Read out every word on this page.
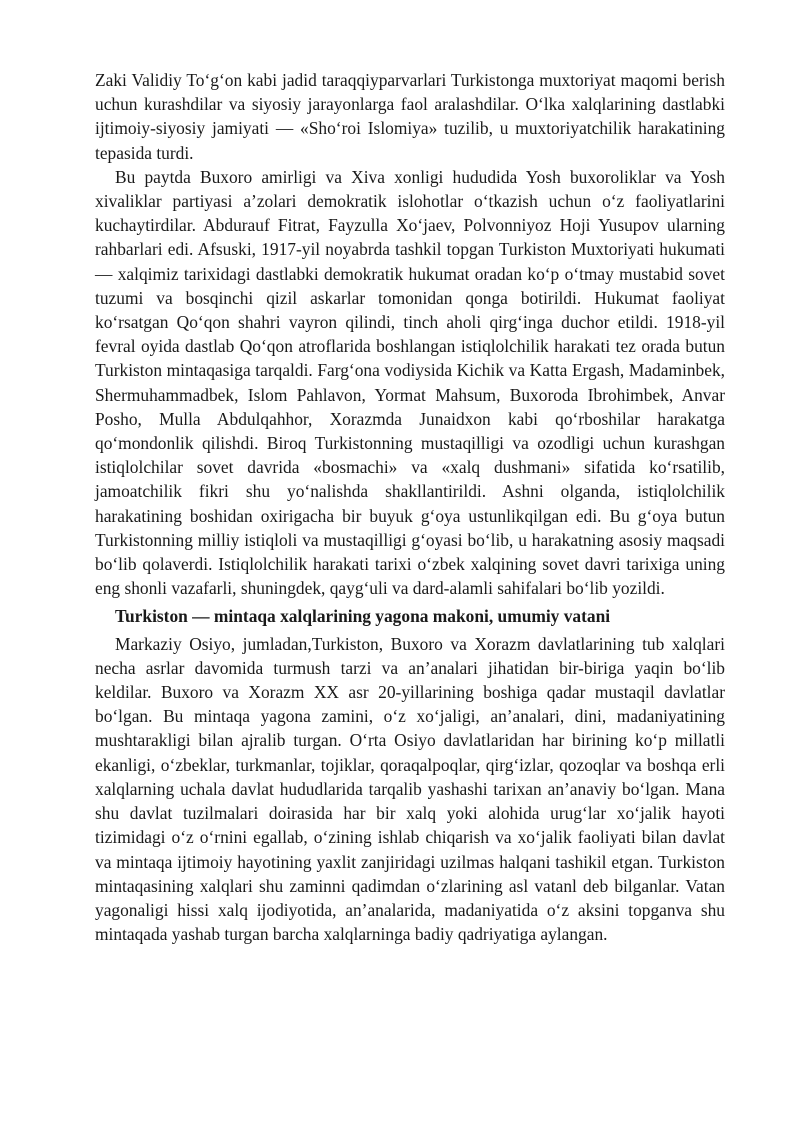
Zaki Validiy To‘g‘on kabi jadid taraqqiyparvarlari Turkistonga muxtoriyat maqomi berish uchun kurashdilar va siyosiy jarayonlarga faol aralashdilar. O‘lka xalqlarining dastlabki ijtimoiy-siyosiy jamiyati — «Sho‘roi Islomiya» tuzilib, u muxtoriyatchilik harakatining tepasida turdi.

Bu paytda Buxoro amirligi va Xiva xonligi hududida Yosh buxoroliklar va Yosh xivaliklar partiyasi a’zolari demokratik islohotlar o‘tkazish uchun o‘z faoliyatlarini kuchaytirdilar. Abdurauf Fitrat, Fayzulla Xo‘jaev, Polvonniyoz Hoji Yusupov ularning rahbarlari edi. Afsuski, 1917-yil noyabrda tashkil topgan Turkiston Muxtoriyati hukumati — xalqimiz tarixidagi dastlabki demokratik hukumat oradan ko‘p o‘tmay mustabid sovet tuzumi va bosqinchi qizil askarlar tomonidan qonga botirildi. Hukumat faoliyat ko‘rsatgan Qo‘qon shahri vayron qilindi, tinch aholi qirg‘inga duchor etildi. 1918-yil fevral oyida dastlab Qo‘qon atroflarida boshlangan istiqlolchilik harakati tez orada butun Turkiston mintaqasiga tarqaldi. Farg‘ona vodiysida Kichik va Katta Ergash, Madaminbek, Shermuhammadbek, Islom Pahlavon, Yormat Mahsum, Buxoroda Ibrohimbek, Anvar Posho, Mulla Abdulqahhor, Xorazmda Junaidxon kabi qo‘rboshilar harakatga qo‘mondonlik qilishdi. Biroq Turkistonning mustaqilligi va ozodligi uchun kurashgan istiqlolchilar sovet davrida «bosmachi» va «xalq dushmani» sifatida ko‘rsatilib, jamoatchilik fikri shu yo‘nalishda shakllantirildi. Ashni olganda, istiqlolchilik harakatining boshidan oxirigacha bir buyuk g‘oya ustunlikqilgan edi. Bu g‘oya butun Turkistonning milliy istiqloli va mustaqilligi g‘oyasi bo‘lib, u harakatning asosiy maqsadi bo‘lib qolaverdi. Istiqlolchilik harakati tarixi o‘zbek xalqining sovet davri tarixiga uning eng shonli vazafarli, shuningdek, qayg‘uli va dard-alamli sahifalari bo‘lib yozildi.

Turkiston — mintaqa xalqlarining yagona makoni, umumiy vatani

Markaziy Osiyo, jumladan,Turkiston, Buxoro va Xorazm davlatlarining tub xalqlari necha asrlar davomida turmush tarzi va an’analari jihatidan bir-biriga yaqin bo‘lib keldilar. Buxoro va Xorazm XX asr 20-yillarining boshiga qadar mustaqil davlatlar bo‘lgan. Bu mintaqa yagona zamini, o‘z xo‘jaligi, an’analari, dini, madaniyatining mushtarakligi bilan ajralib turgan. O‘rta Osiyo davlatlaridan har birining ko‘p millatli ekanligi, o‘zbeklar, turkmanlar, tojiklar, qoraqalpoqlar, qirg‘izlar, qozoqlar va boshqa erli xalqlarning uchala davlat hududlarida tarqalib yashashi tarixan an’anaviy bo‘lgan. Mana shu davlat tuzilmalari doirasida har bir xalq yoki alohida urug‘lar xo‘jalik hayoti tizimidagi o‘z o‘rnini egallab, o‘zining ishlab chiqarish va xo‘jalik faoliyati bilan davlat va mintaqa ijtimoiy hayotining yaxlit zanjiridagi uzilmas halqani tashikil etgan. Turkiston mintaqasining xalqlari shu zaminni qadimdan o‘zlarining asl vatanl deb bilganlar. Vatan yagonaligi hissi xalq ijodiyotida, an’analarida, madaniyatida o‘z aksini topganva shu mintaqada yashab turgan barcha xalqlarninga badiy qadriyatiga aylangan.
